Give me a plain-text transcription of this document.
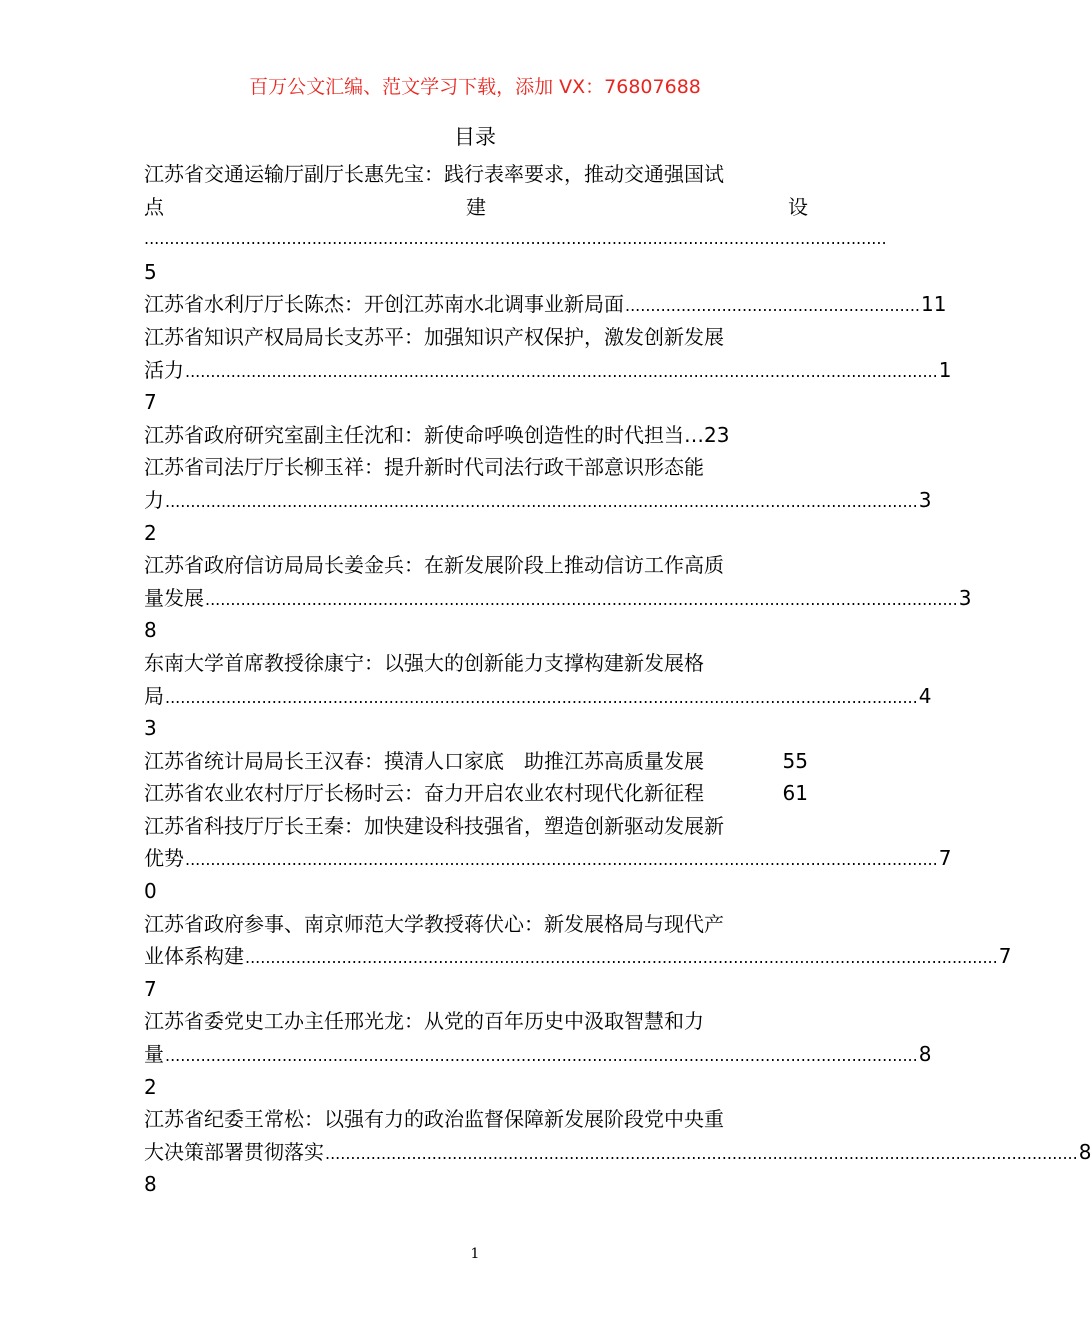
百万公文汇编、范文学习下载，添加 VX：76807688
目录
江苏省交通运输厅副厅长惠先宝：践行表率要求，推动交通强国试
点	建	设
..................................................................................................................................................
5
江苏省水利厅厅长陈杰：开创江苏南水北调事业新局面 .......................................................... 11
江苏省知识产权局局长支苏平：加强知识产权保护，激发创新发展
活力 .................................................................................................................................................... 1
7
江苏省政府研究室副主任沈和：新使命呼唤创造性的时代担当… 23
江苏省司法厅厅长柳玉祥：提升新时代司法行政干部意识形态能
力 .................................................................................................................................................... 3
2
江苏省政府信访局局长姜金兵：在新发展阶段上推动信访工作高质
量发展 .................................................................................................................................................... 3
8
东南大学首席教授徐康宁：以强大的创新能力支撑构建新发展格
局 .................................................................................................................................................... 4
3
江苏省统计局局长王汉春：摸清人口家底　助推江苏高质量发展	55
江苏省农业农村厅厅长杨时云：奋力开启农业农村现代化新征程	61
江苏省科技厅厅长王秦：加快建设科技强省，塑造创新驱动发展新
优势 .................................................................................................................................................... 7
0
江苏省政府参事、南京师范大学教授蒋伏心：新发展格局与现代产
业体系构建 .................................................................................................................................................... 7
7
江苏省委党史工办主任邢光龙：从党的百年历史中汲取智慧和力
量 .................................................................................................................................................... 8
2
江苏省纪委王常松：以强有力的政治监督保障新发展阶段党中央重
大决策部署贯彻落实 .................................................................................................................................................... 8
8
1
